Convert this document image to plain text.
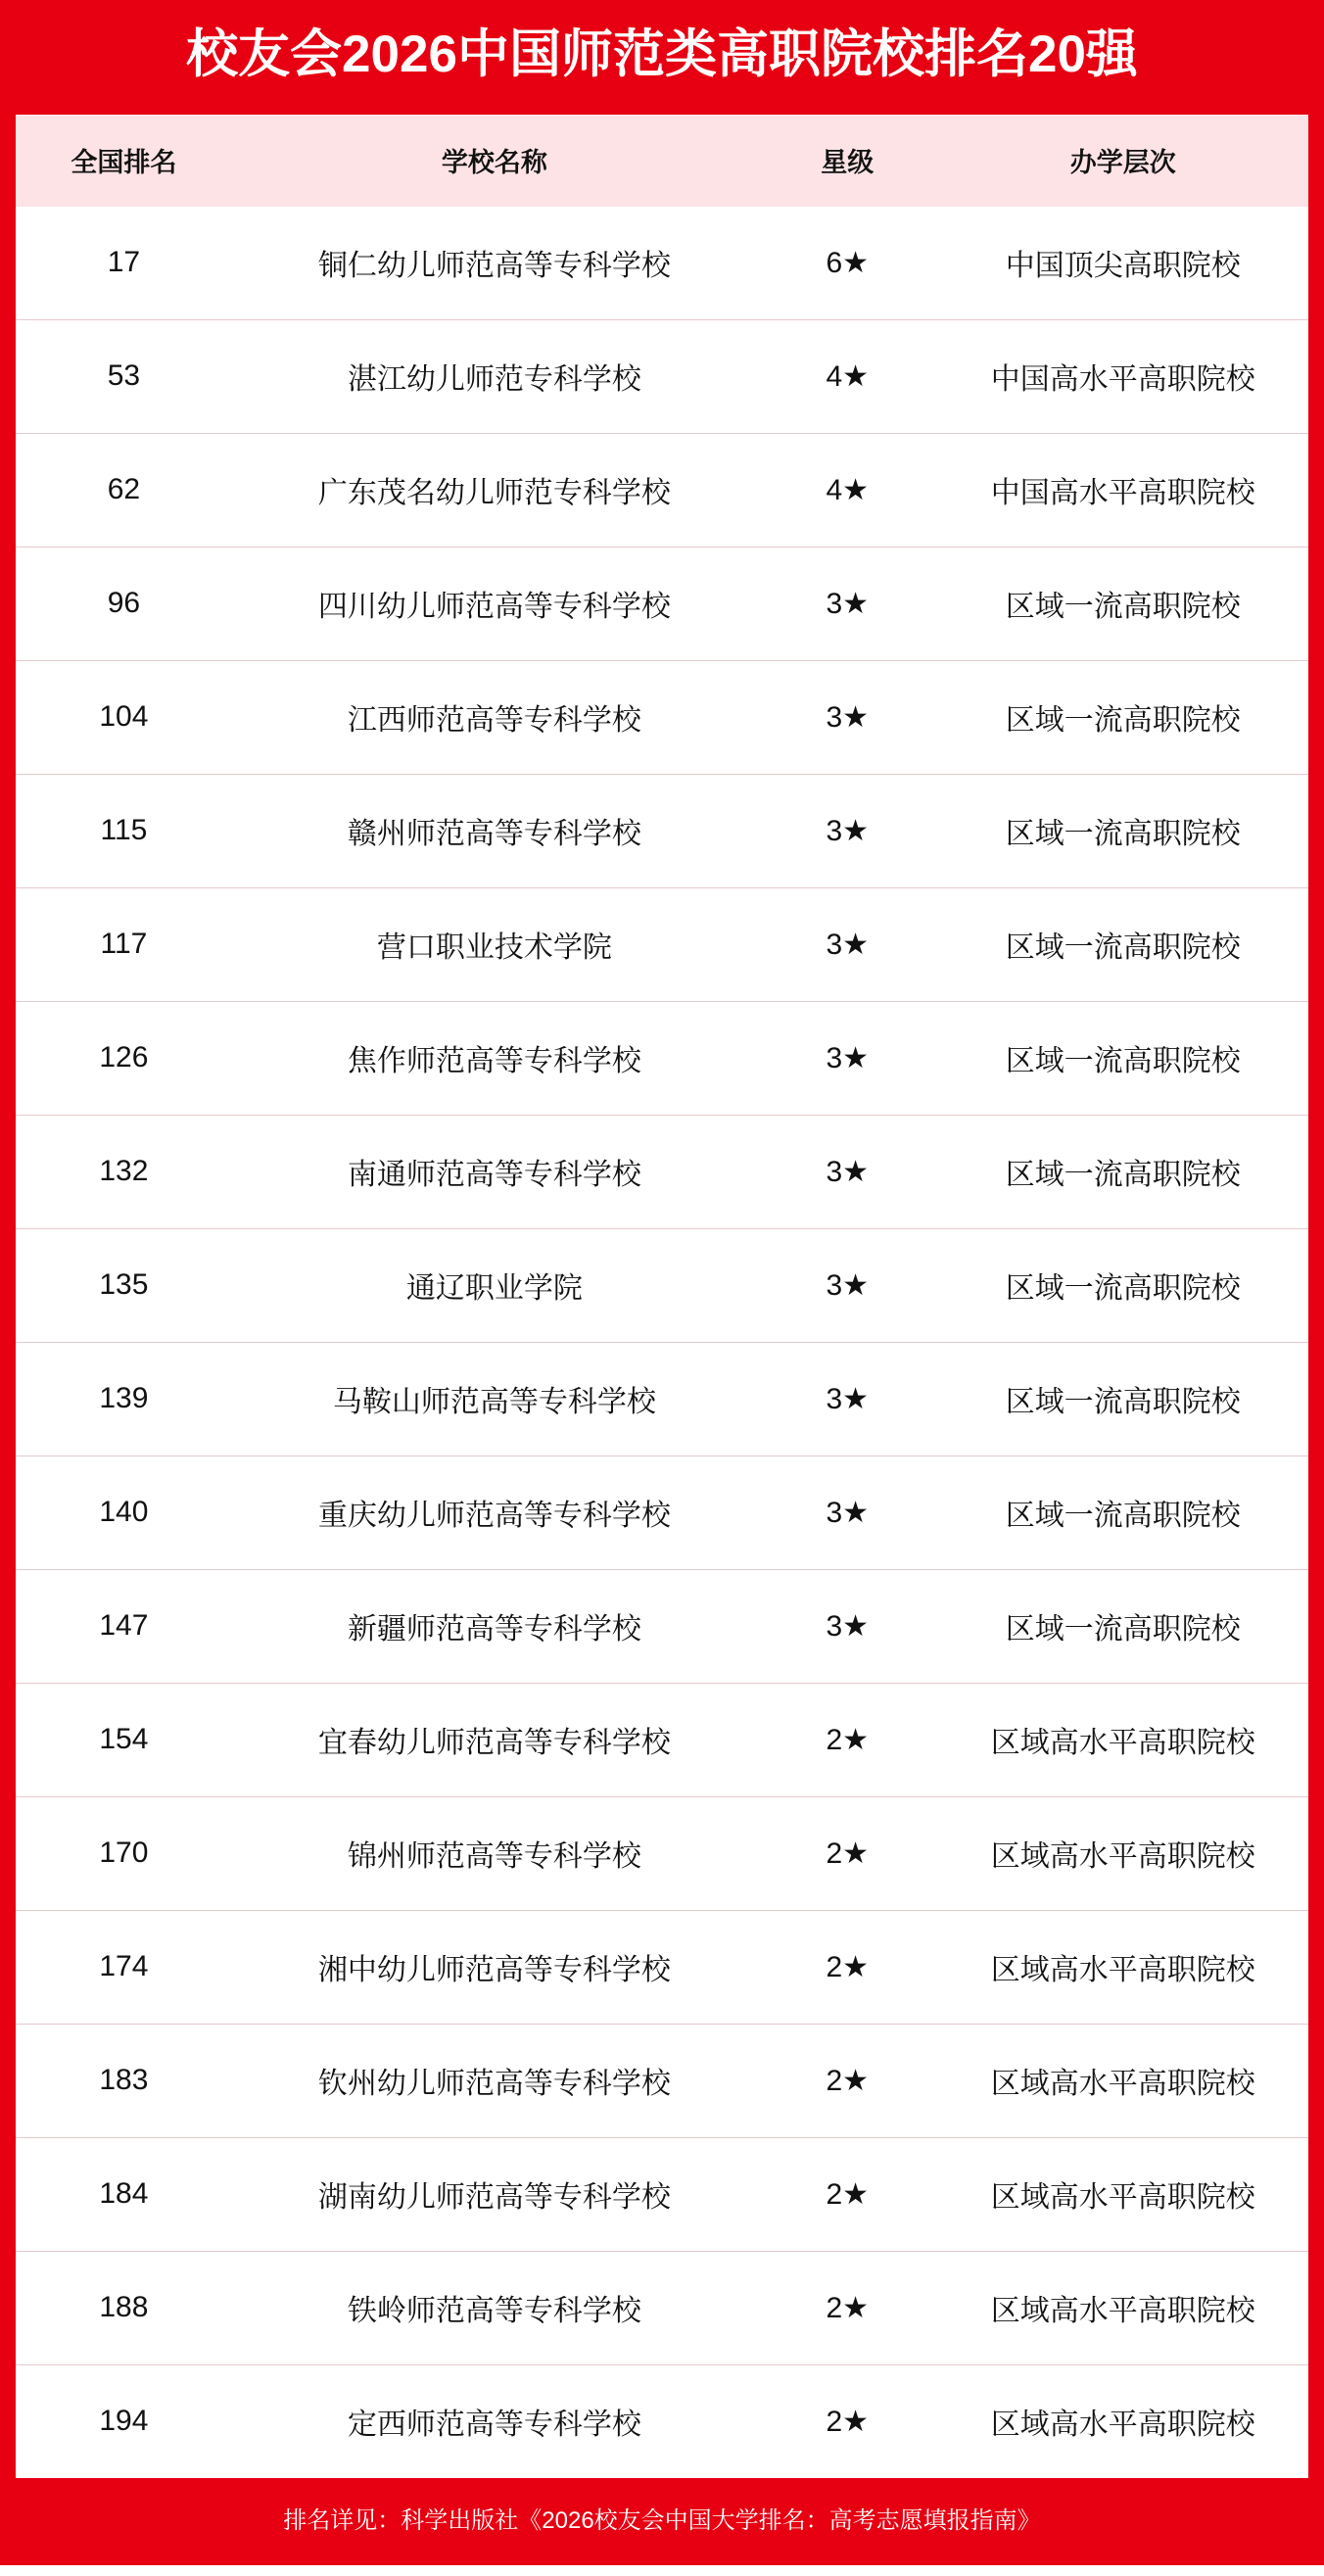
校友会2026中国师范类高职院校排名20强
全国排名	学校名称	星级	办学层次
17	铜仁幼儿师范高等专科学校	6★	中国顶尖高职院校
53	湛江幼儿师范专科学校	4★	中国高水平高职院校
62	广东茂名幼儿师范专科学校	4★	中国高水平高职院校
96	四川幼儿师范高等专科学校	3★	区域一流高职院校
104	江西师范高等专科学校	3★	区域一流高职院校
115	赣州师范高等专科学校	3★	区域一流高职院校
117	营口职业技术学院	3★	区域一流高职院校
126	焦作师范高等专科学校	3★	区域一流高职院校
132	南通师范高等专科学校	3★	区域一流高职院校
135	通辽职业学院	3★	区域一流高职院校
139	马鞍山师范高等专科学校	3★	区域一流高职院校
140	重庆幼儿师范高等专科学校	3★	区域一流高职院校
147	新疆师范高等专科学校	3★	区域一流高职院校
154	宜春幼儿师范高等专科学校	2★	区域高水平高职院校
170	锦州师范高等专科学校	2★	区域高水平高职院校
174	湘中幼儿师范高等专科学校	2★	区域高水平高职院校
183	钦州幼儿师范高等专科学校	2★	区域高水平高职院校
184	湖南幼儿师范高等专科学校	2★	区域高水平高职院校
188	铁岭师范高等专科学校	2★	区域高水平高职院校
194	定西师范高等专科学校	2★	区域高水平高职院校
排名详见：科学出版社《2026校友会中国大学排名：高考志愿填报指南》
